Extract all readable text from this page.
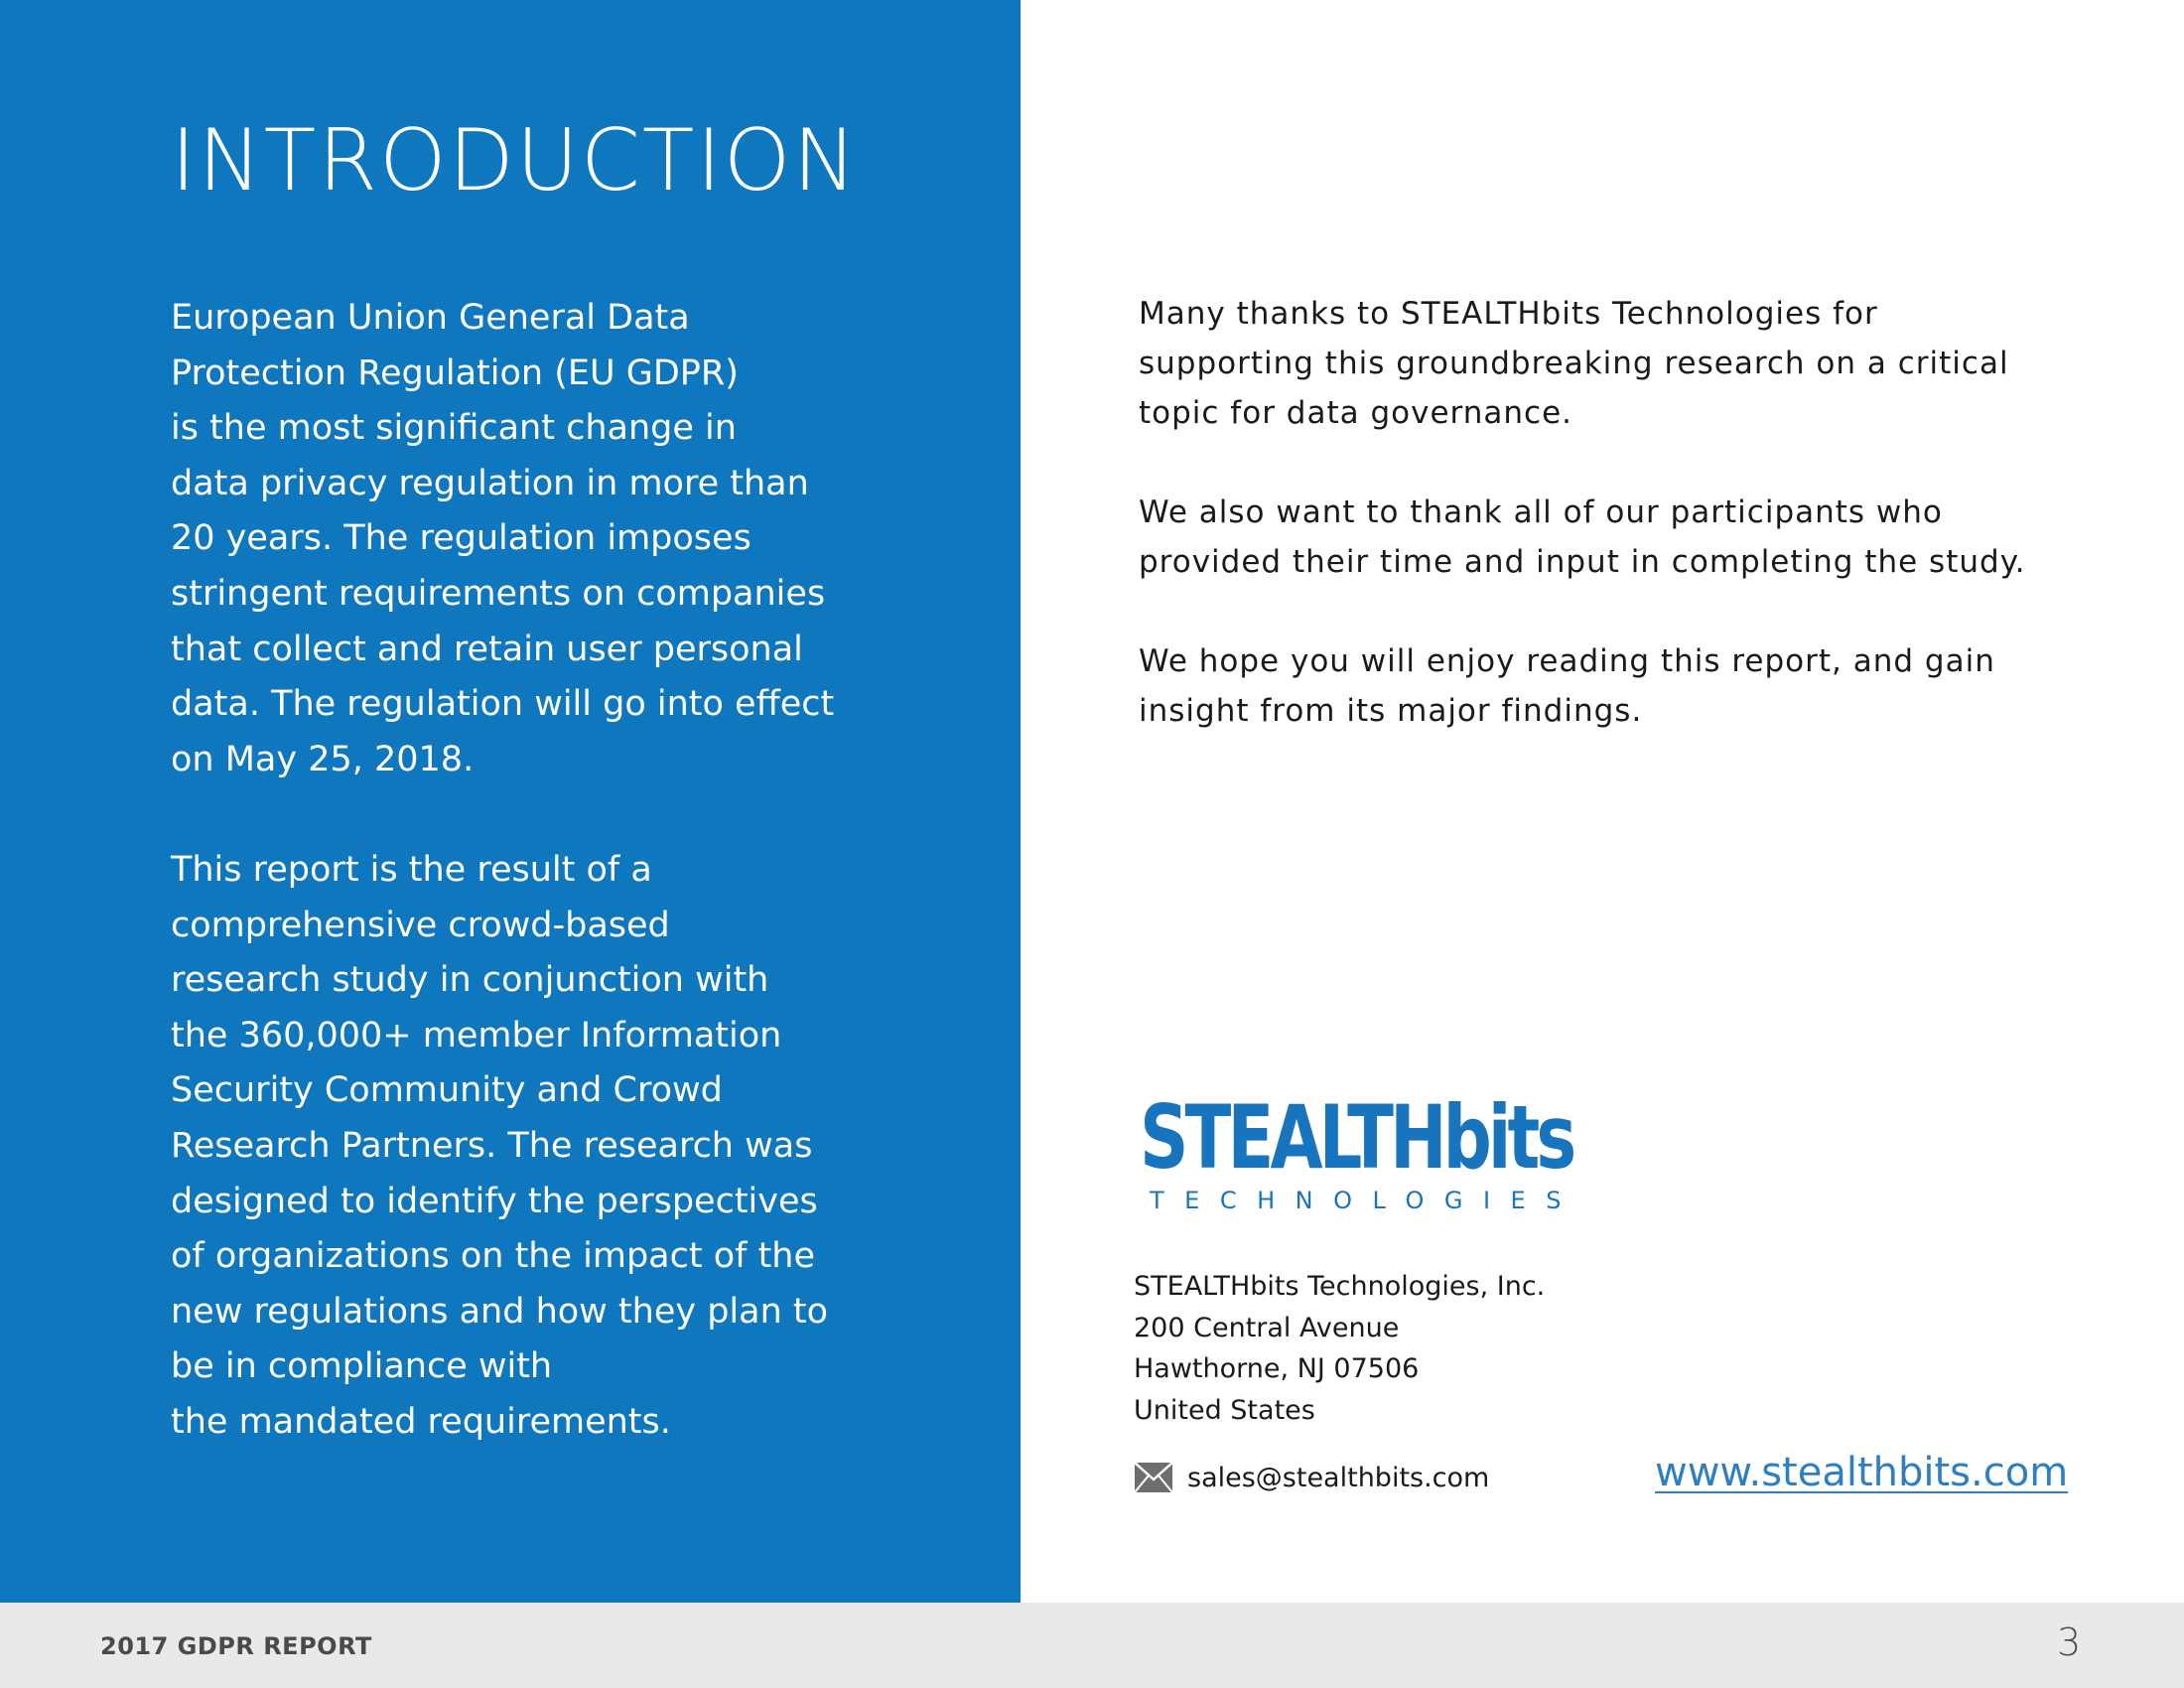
INTRODUCTION

European Union General Data
Protection Regulation (EU GDPR)
is the most significant change in
data privacy regulation in more than
20 years. The regulation imposes
stringent requirements on companies
that collect and retain user personal
data. The regulation will go into effect
on May 25, 2018.

This report is the result of a
comprehensive crowd-based
research study in conjunction with
the 360,000+ member Information
Security Community and Crowd
Research Partners. The research was
designed to identify the perspectives
of organizations on the impact of the
new regulations and how they plan to
be in compliance with
the mandated requirements.

Many thanks to STEALTHbits Technologies for
supporting this groundbreaking research on a critical
topic for data governance.

We also want to thank all of our participants who
provided their time and input in completing the study.

We hope you will enjoy reading this report, and gain
insight from its major findings.

STEALTHbits
TECHNOLOGIES
STEALTHbits Technologies, Inc.
200 Central Avenue
Hawthorne, NJ 07506
United States
sales@stealthbits.com	www.stealthbits.com
2017 GDPR REPORT	3
